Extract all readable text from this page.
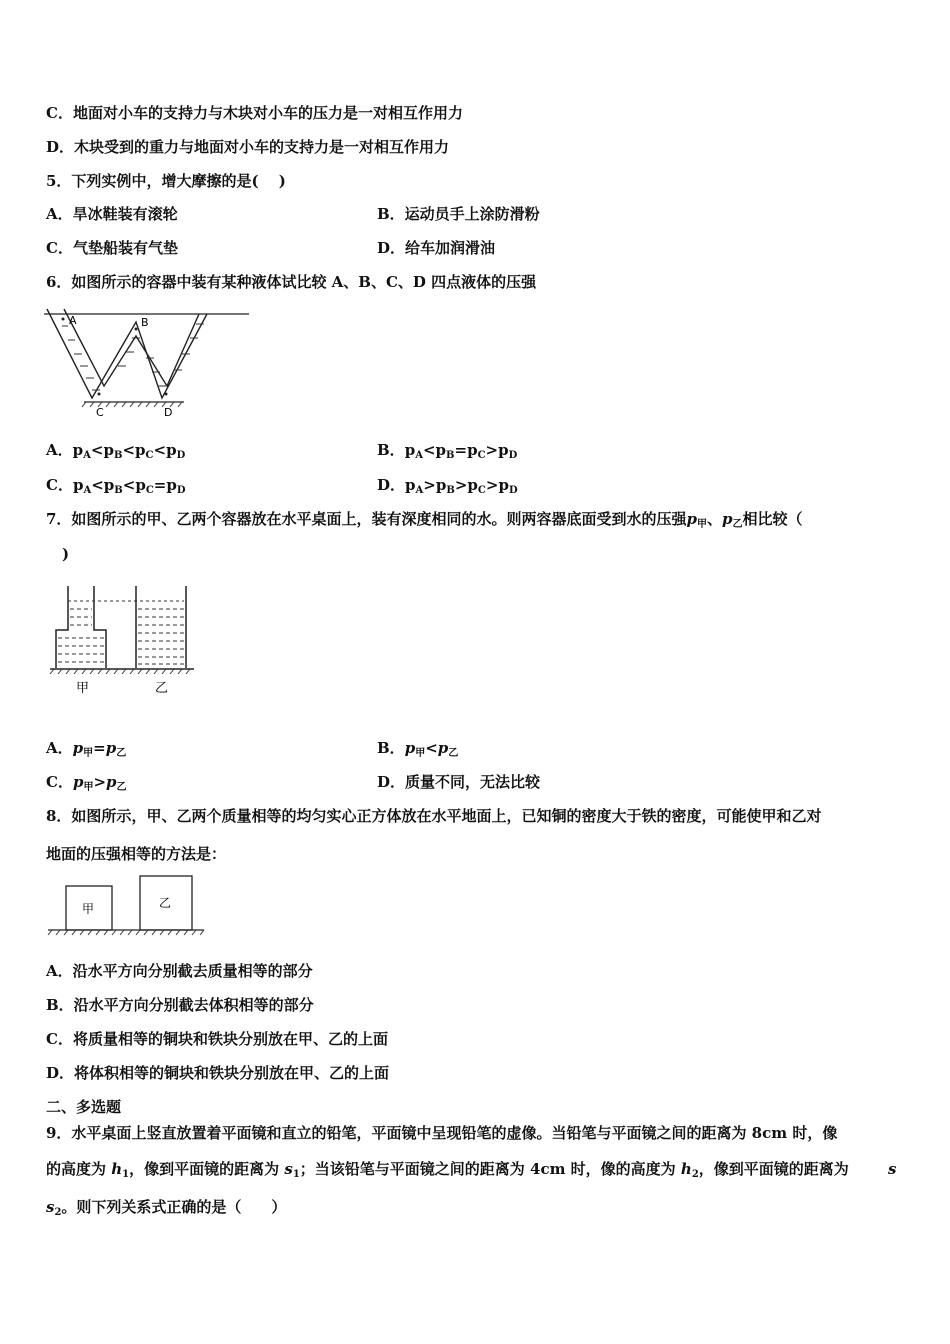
C．地面对小车的支持力与木块对小车的压力是一对相互作用力
D．木块受到的重力与地面对小车的支持力是一对相互作用力
5．下列实例中，增大摩擦的是(　 )
A．旱冰鞋装有滚轮	B．运动员手上涂防滑粉
C．气垫船装有气垫	D．给车加润滑油
6．如图所示的容器中装有某种液体试比较 A、B、C、D 四点液体的压强
A	B
C	D
A．$p_A<p_B<p_C<p_D$	B．$p_A<p_B=p_C>p_D$
C．$p_A<p_B<p_C=p_D$	D．$p_A>p_B>p_C>p_D$
7．如图所示的甲、乙两个容器放在水平桌面上，装有深度相同的水。则两容器底面受到水的压强$p_甲$、$p_乙$相比较（
)
甲	乙
A．$p_甲=p_乙$	B．$p_甲<p_乙$
C．$p_甲>p_乙$	D．质量不同，无法比较
8．如图所示，甲、乙两个质量相等的均匀实心正方体放在水平地面上，已知铜的密度大于铁的密度，可能使甲和乙对
地面的压强相等的方法是：
甲	乙
A．沿水平方向分别截去质量相等的部分
B．沿水平方向分别截去体积相等的部分
C．将质量相等的铜块和铁块分别放在甲、乙的上面
D．将体积相等的铜块和铁块分别放在甲、乙的上面
二、多选题
9．水平桌面上竖直放置着平面镜和直立的铅笔，平面镜中呈现铅笔的虚像。当铅笔与平面镜之间的距离为 8cm 时，像
的高度为 $h_1$，像到平面镜的距离为 $s_1$；当该铅笔与平面镜之间的距离为 4cm 时，像的高度为 $h_2$，像到平面镜的距离为	s
$s_2$。则下列关系式正确的是（　　）
